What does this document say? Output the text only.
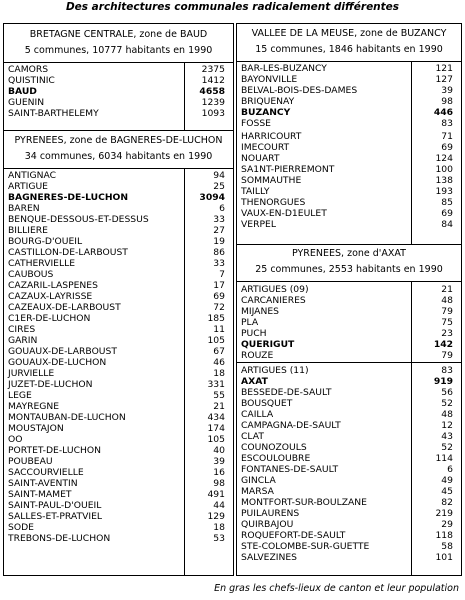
Des architectures communales radicalement différentes
BRETAGNE CENTRALE, zone de BAUD
5 communes, 10777 habitants en 1990
CAMORS	2375
QUISTINIC	1412
BAUD	4658
GUENIN	1239
SAINT-BARTHELEMY	1093
PYRENEES, zone de BAGNERES-DE-LUCHON
34 communes, 6034 habitants en 1990
ANTIGNAC	94
ARTIGUE	25
BAGNERES-DE-LUCHON	3094
BAREN	6
BENQUE-DESSOUS-ET-DESSUS	33
BILLIERE	27
BOURG-D'OUEIL	19
CASTILLON-DE-LARBOUST	86
CATHERVIELLE	33
CAUBOUS	7
CAZARIL-LASPENES	17
CAZAUX-LAYRISSE	69
CAZEAUX-DE-LARBOUST	72
C1ER-DE-LUCHON	185
CIRES	11
GARIN	105
GOUAUX-DE-LARBOUST	67
GOUAUX-DE-LUCHON	46
JURVIELLE	18
JUZET-DE-LUCHON	331
LEGE	55
MAYREGNE	21
MONTAUBAN-DE-LUCHON	434
MOUSTAJON	174
OO	105
PORTET-DE-LUCHON	40
POUBEAU	39
SACCOURVIELLE	16
SAINT-AVENTIN	98
SAINT-MAMET	491
SAINT-PAUL-D'OUEIL	44
SALLES-ET-PRATVIEL	129
SODE	18
TREBONS-DE-LUCHON	53
VALLEE DE LA MEUSE, zone de BUZANCY
15 communes, 1846 habitants en 1990
BAR-LES-BUZANCY	121
BAYONVILLE	127
BELVAL-BOIS-DES-DAMES	39
BRIQUENAY	98
BUZANCY	446
FOSSE	83
HARRICOURT	71
IMECOURT	69
NOUART	124
SA1NT-PIERREMONT	100
SOMMAUTHE	138
TAILLY	193
THENORGUES	85
VAUX-EN-D1EULET	69
VERPEL	84
PYRENEES, zone d'AXAT
25 communes, 2553 habitants en 1990
ARTIGUES (09)	21
CARCANIERES	48
MIJANES	79
PLA	75
PUCH	23
QUERIGUT	142
ROUZE	79
ARTIGUES (11)	83
AXAT	919
BESSEDE-DE-SAULT	56
BOUSQUET	52
CAILLA	48
CAMPAGNA-DE-SAULT	12
CLAT	43
COUNOZOULS	52
ESCOULOUBRE	114
FONTANES-DE-SAULT	6
GINCLA	49
MARSA	45
MONTFORT-SUR-BOULZANE	82
PUILAURENS	219
QUIRBAJOU	29
ROQUEFORT-DE-SAULT	118
STE-COLOMBE-SUR-GUETTE	58
SALVEZINES	101
En gras les chefs-lieux de canton et leur population
